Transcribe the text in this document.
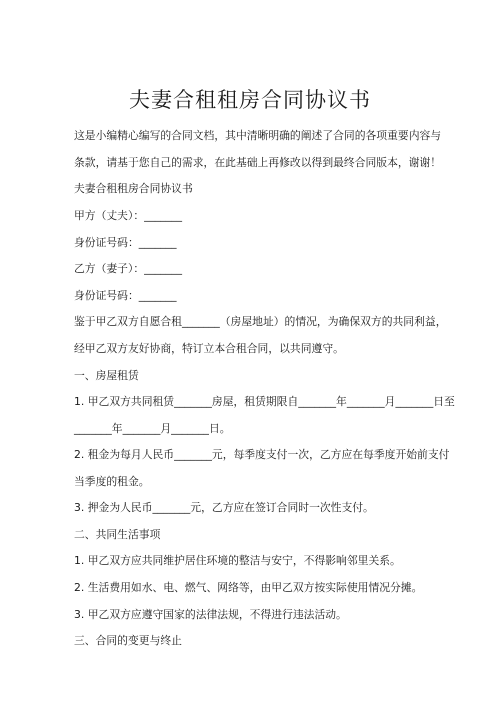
夫妻合租租房合同协议书
这是小编精心编写的合同文档，其中清晰明确的阐述了合同的各项重要内容与
条款，请基于您自己的需求，在此基础上再修改以得到最终合同版本，谢谢！
夫妻合租租房合同协议书
甲方（丈夫）：_______
身份证号码：_______
乙方（妻子）：_______
身份证号码：_______
鉴于甲乙双方自愿合租_______（房屋地址）的情况，为确保双方的共同利益，
经甲乙双方友好协商，特订立本合租合同，以共同遵守。
一、房屋租赁
1. 甲乙双方共同租赁_______房屋，租赁期限自_______年_______月_______日至
_______年_______月_______日。
2. 租金为每月人民币_______元，每季度支付一次，乙方应在每季度开始前支付
当季度的租金。
3. 押金为人民币_______元，乙方应在签订合同时一次性支付。
二、共同生活事项
1. 甲乙双方应共同维护居住环境的整洁与安宁，不得影响邻里关系。
2. 生活费用如水、电、燃气、网络等，由甲乙双方按实际使用情况分摊。
3. 甲乙双方应遵守国家的法律法规，不得进行违法活动。
三、合同的变更与终止
